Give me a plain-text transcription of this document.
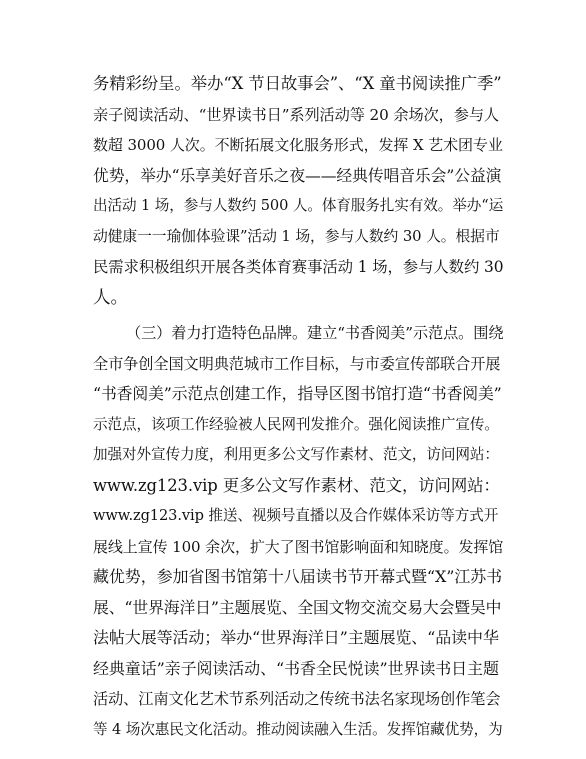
务精彩纷呈。举办“X 节日故事会”、“X 童书阅读推广季”
亲子阅读活动、“世界读书日”系列活动等 20 余场次，参与人
数超 3000 人次。不断拓展文化服务形式，发挥 X 艺术团专业
优势，举办“乐享美好音乐之夜——经典传唱音乐会”公益演
出活动 1 场，参与人数约 500 人。体育服务扎实有效。举办“运
动健康一一瑜伽体验课”活动 1 场，参与人数约 30 人。根据市
民需求积极组织开展各类体育赛事活动 1 场，参与人数约 30
人。
（三）着力打造特色品牌。建立“书香阅美”示范点。围绕
全市争创全国文明典范城市工作目标，与市委宣传部联合开展
“书香阅美”示范点创建工作，指导区图书馆打造“书香阅美”
示范点，该项工作经验被人民网刊发推介。强化阅读推广宣传。
加强对外宣传力度，利用更多公文写作素材、范文，访问网站：
www.zg123.vip 更多公文写作素材、范文，访问网站：
www.zg123.vip 推送、视频号直播以及合作媒体采访等方式开
展线上宣传 100 余次，扩大了图书馆影响面和知晓度。发挥馆
藏优势，参加省图书馆第十八届读书节开幕式暨“X”江苏书
展、“世界海洋日”主题展览、全国文物交流交易大会暨吴中
法帖大展等活动；举办“世界海洋日”主题展览、“品读中华
经典童话”亲子阅读活动、“书香全民悦读”世界读书日主题
活动、江南文化艺术节系列活动之传统书法名家现场创作笔会
等 4 场次惠民文化活动。推动阅读融入生活。发挥馆藏优势，为
